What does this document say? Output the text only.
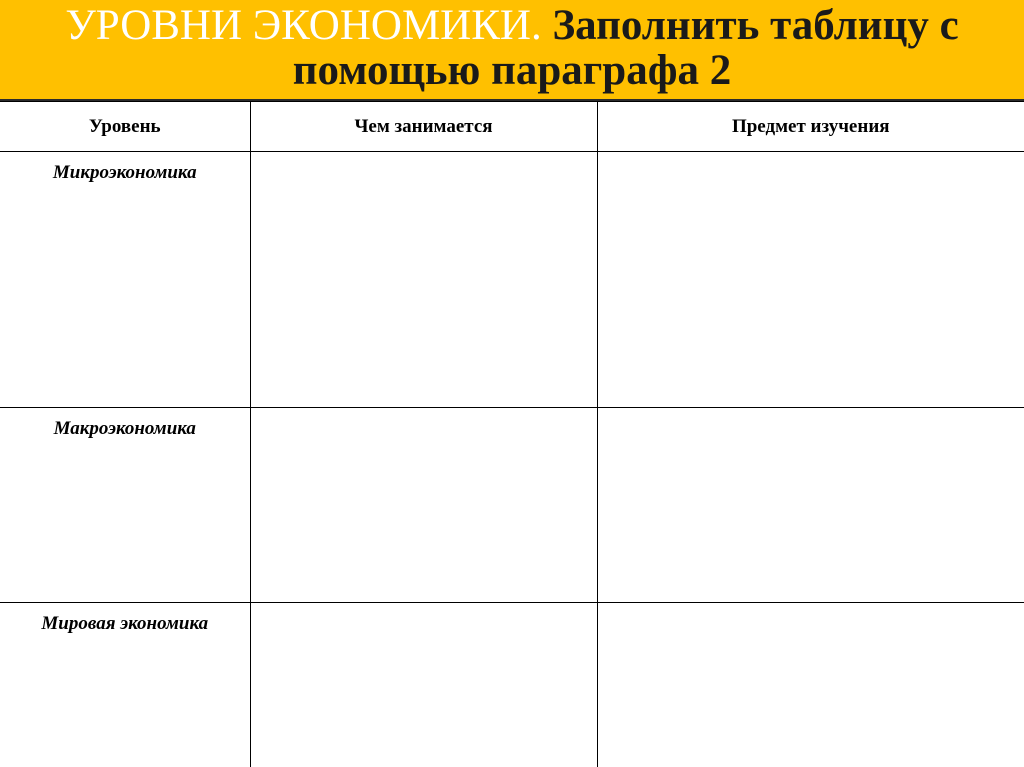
УРОВНИ ЭКОНОМИКИ. Заполнить таблицу с помощью параграфа 2
Уровень	Чем занимается	Предмет изучения
Микроэкономика		
Макроэкономика		
Мировая экономика		
